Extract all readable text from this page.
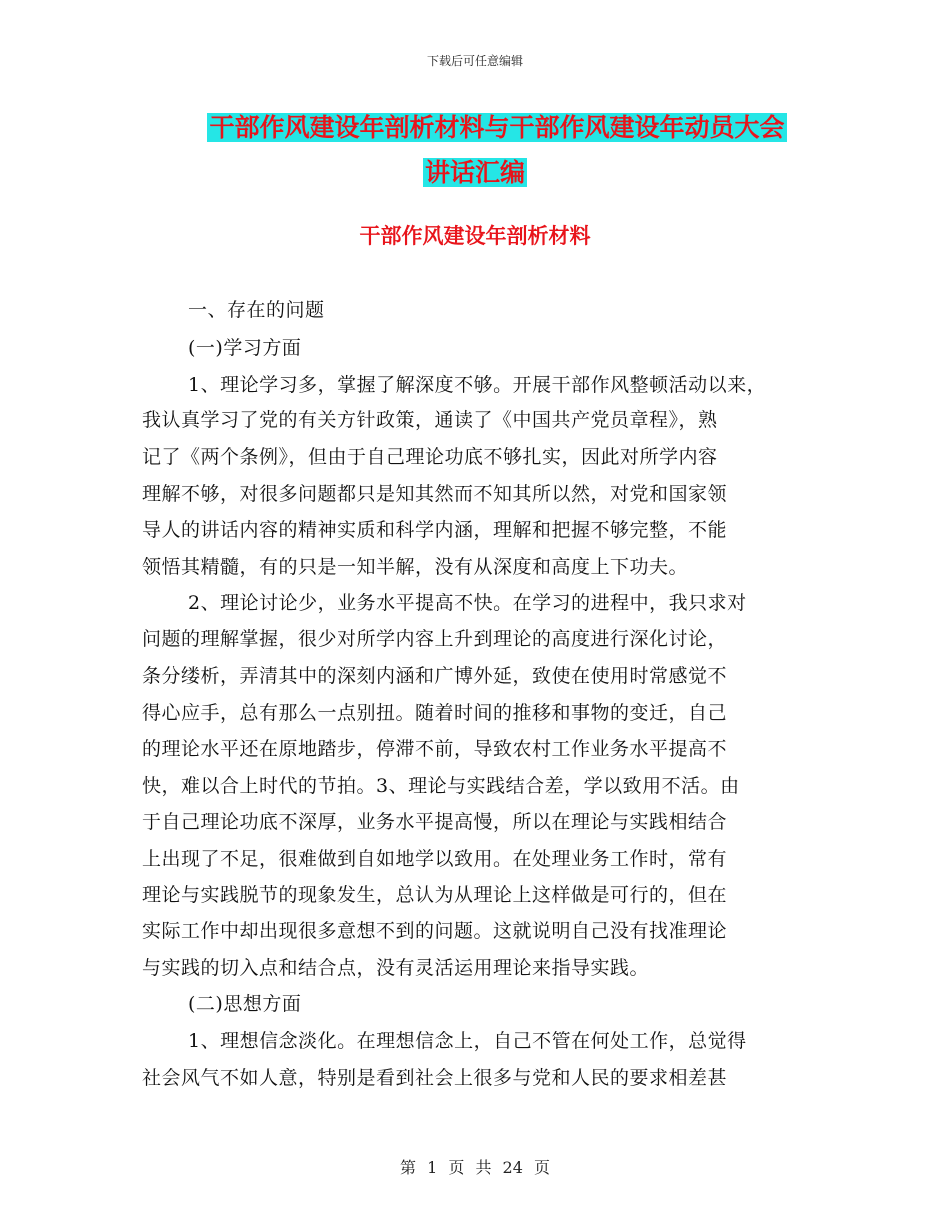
下载后可任意编辑
干部作风建设年剖析材料与干部作风建设年动员大会
讲话汇编
干部作风建设年剖析材料
一、存在的问题
(一)学习方面
1、理论学习多，掌握了解深度不够。开展干部作风整顿活动以来，
我认真学习了党的有关方针政策，通读了《中国共产党员章程》，熟
记了《两个条例》，但由于自己理论功底不够扎实，因此对所学内容
理解不够，对很多问题都只是知其然而不知其所以然，对党和国家领
导人的讲话内容的精神实质和科学内涵，理解和把握不够完整，不能
领悟其精髓，有的只是一知半解，没有从深度和高度上下功夫。
2、理论讨论少，业务水平提高不快。在学习的进程中，我只求对
问题的理解掌握，很少对所学内容上升到理论的高度进行深化讨论，
条分缕析，弄清其中的深刻内涵和广博外延，致使在使用时常感觉不
得心应手，总有那么一点别扭。随着时间的推移和事物的变迁，自己
的理论水平还在原地踏步，停滞不前，导致农村工作业务水平提高不
快，难以合上时代的节拍。3、理论与实践结合差，学以致用不活。由
于自己理论功底不深厚，业务水平提高慢，所以在理论与实践相结合
上出现了不足，很难做到自如地学以致用。在处理业务工作时，常有
理论与实践脱节的现象发生，总认为从理论上这样做是可行的，但在
实际工作中却出现很多意想不到的问题。这就说明自己没有找准理论
与实践的切入点和结合点，没有灵活运用理论来指导实践。
(二)思想方面
1、理想信念淡化。在理想信念上，自己不管在何处工作，总觉得
社会风气不如人意，特别是看到社会上很多与党和人民的要求相差甚
第 1 页 共 24 页
